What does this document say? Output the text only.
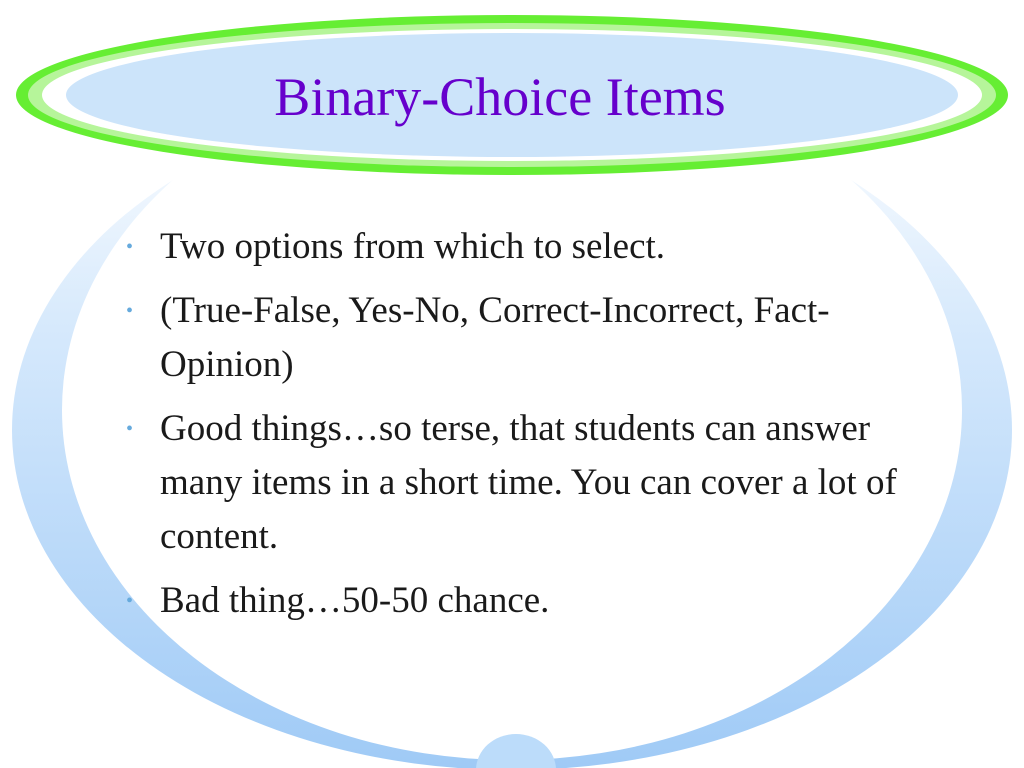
Binary-Choice Items
• Two options from which to select.
• (True-False, Yes-No, Correct-Incorrect, Fact-Opinion)
• Good things…so terse, that students can answer many items in a short time. You can cover a lot of content.
• Bad thing…50-50 chance.
